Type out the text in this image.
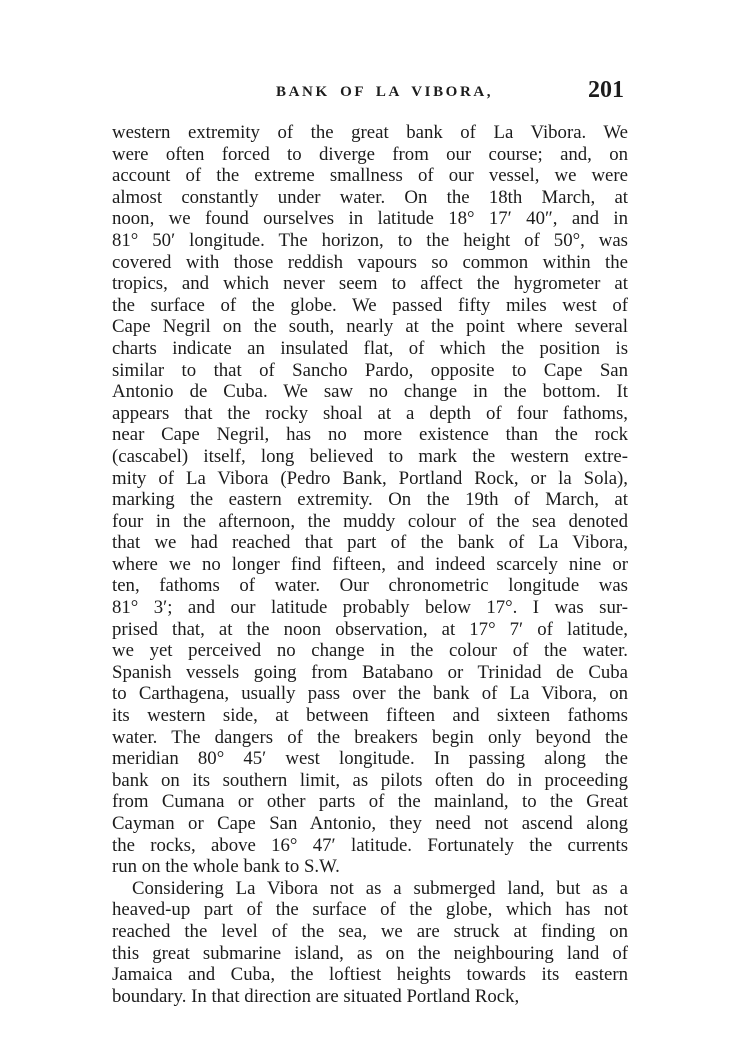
BANK OF LA VIBORA,	201
western extremity of the great bank of La Vibora. We
were often forced to diverge from our course; and, on
account of the extreme smallness of our vessel, we were
almost constantly under water. On the 18th March, at
noon, we found ourselves in latitude 18° 17′ 40″, and in
81° 50′ longitude. The horizon, to the height of 50°, was
covered with those reddish vapours so common within the
tropics, and which never seem to affect the hygrometer at
the surface of the globe. We passed fifty miles west of
Cape Negril on the south, nearly at the point where several
charts indicate an insulated flat, of which the position is
similar to that of Sancho Pardo, opposite to Cape San
Antonio de Cuba. We saw no change in the bottom. It
appears that the rocky shoal at a depth of four fathoms,
near Cape Negril, has no more existence than the rock
(cascabel) itself, long believed to mark the western extre-
mity of La Vibora (Pedro Bank, Portland Rock, or la Sola),
marking the eastern extremity. On the 19th of March, at
four in the afternoon, the muddy colour of the sea denoted
that we had reached that part of the bank of La Vibora,
where we no longer find fifteen, and indeed scarcely nine or
ten, fathoms of water. Our chronometric longitude was
81° 3′; and our latitude probably below 17°. I was sur-
prised that, at the noon observation, at 17° 7′ of latitude,
we yet perceived no change in the colour of the water.
Spanish vessels going from Batabano or Trinidad de Cuba
to Carthagena, usually pass over the bank of La Vibora, on
its western side, at between fifteen and sixteen fathoms
water. The dangers of the breakers begin only beyond the
meridian 80° 45′ west longitude. In passing along the
bank on its southern limit, as pilots often do in proceeding
from Cumana or other parts of the mainland, to the Great
Cayman or Cape San Antonio, they need not ascend along
the rocks, above 16° 47′ latitude. Fortunately the currents
run on the whole bank to S.W.
Considering La Vibora not as a submerged land, but as a
heaved-up part of the surface of the globe, which has not
reached the level of the sea, we are struck at finding on
this great submarine island, as on the neighbouring land of
Jamaica and Cuba, the loftiest heights towards its eastern
boundary. In that direction are situated Portland Rock,
